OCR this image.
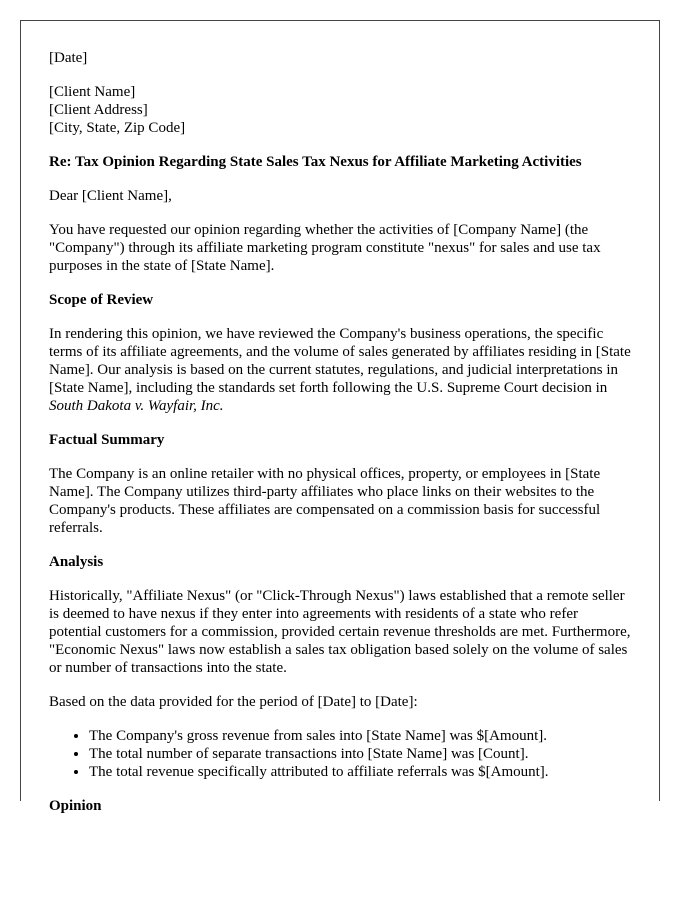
[Date]

[Client Name]
[Client Address]
[City, State, Zip Code]

Re: Tax Opinion Regarding State Sales Tax Nexus for Affiliate Marketing Activities

Dear [Client Name],

You have requested our opinion regarding whether the activities of [Company Name] (the "Company") through its affiliate marketing program constitute "nexus" for sales and use tax purposes in the state of [State Name].

Scope of Review

In rendering this opinion, we have reviewed the Company's business operations, the specific terms of its affiliate agreements, and the volume of sales generated by affiliates residing in [State Name]. Our analysis is based on the current statutes, regulations, and judicial interpretations in [State Name], including the standards set forth following the U.S. Supreme Court decision in South Dakota v. Wayfair, Inc.

Factual Summary

The Company is an online retailer with no physical offices, property, or employees in [State Name]. The Company utilizes third-party affiliates who place links on their websites to the Company's products. These affiliates are compensated on a commission basis for successful referrals.

Analysis

Historically, "Affiliate Nexus" (or "Click-Through Nexus") laws established that a remote seller is deemed to have nexus if they enter into agreements with residents of a state who refer potential customers for a commission, provided certain revenue thresholds are met. Furthermore, "Economic Nexus" laws now establish a sales tax obligation based solely on the volume of sales or number of transactions into the state.

Based on the data provided for the period of [Date] to [Date]:

• The Company's gross revenue from sales into [State Name] was $[Amount].
• The total number of separate transactions into [State Name] was [Count].
• The total revenue specifically attributed to affiliate referrals was $[Amount].

Opinion
